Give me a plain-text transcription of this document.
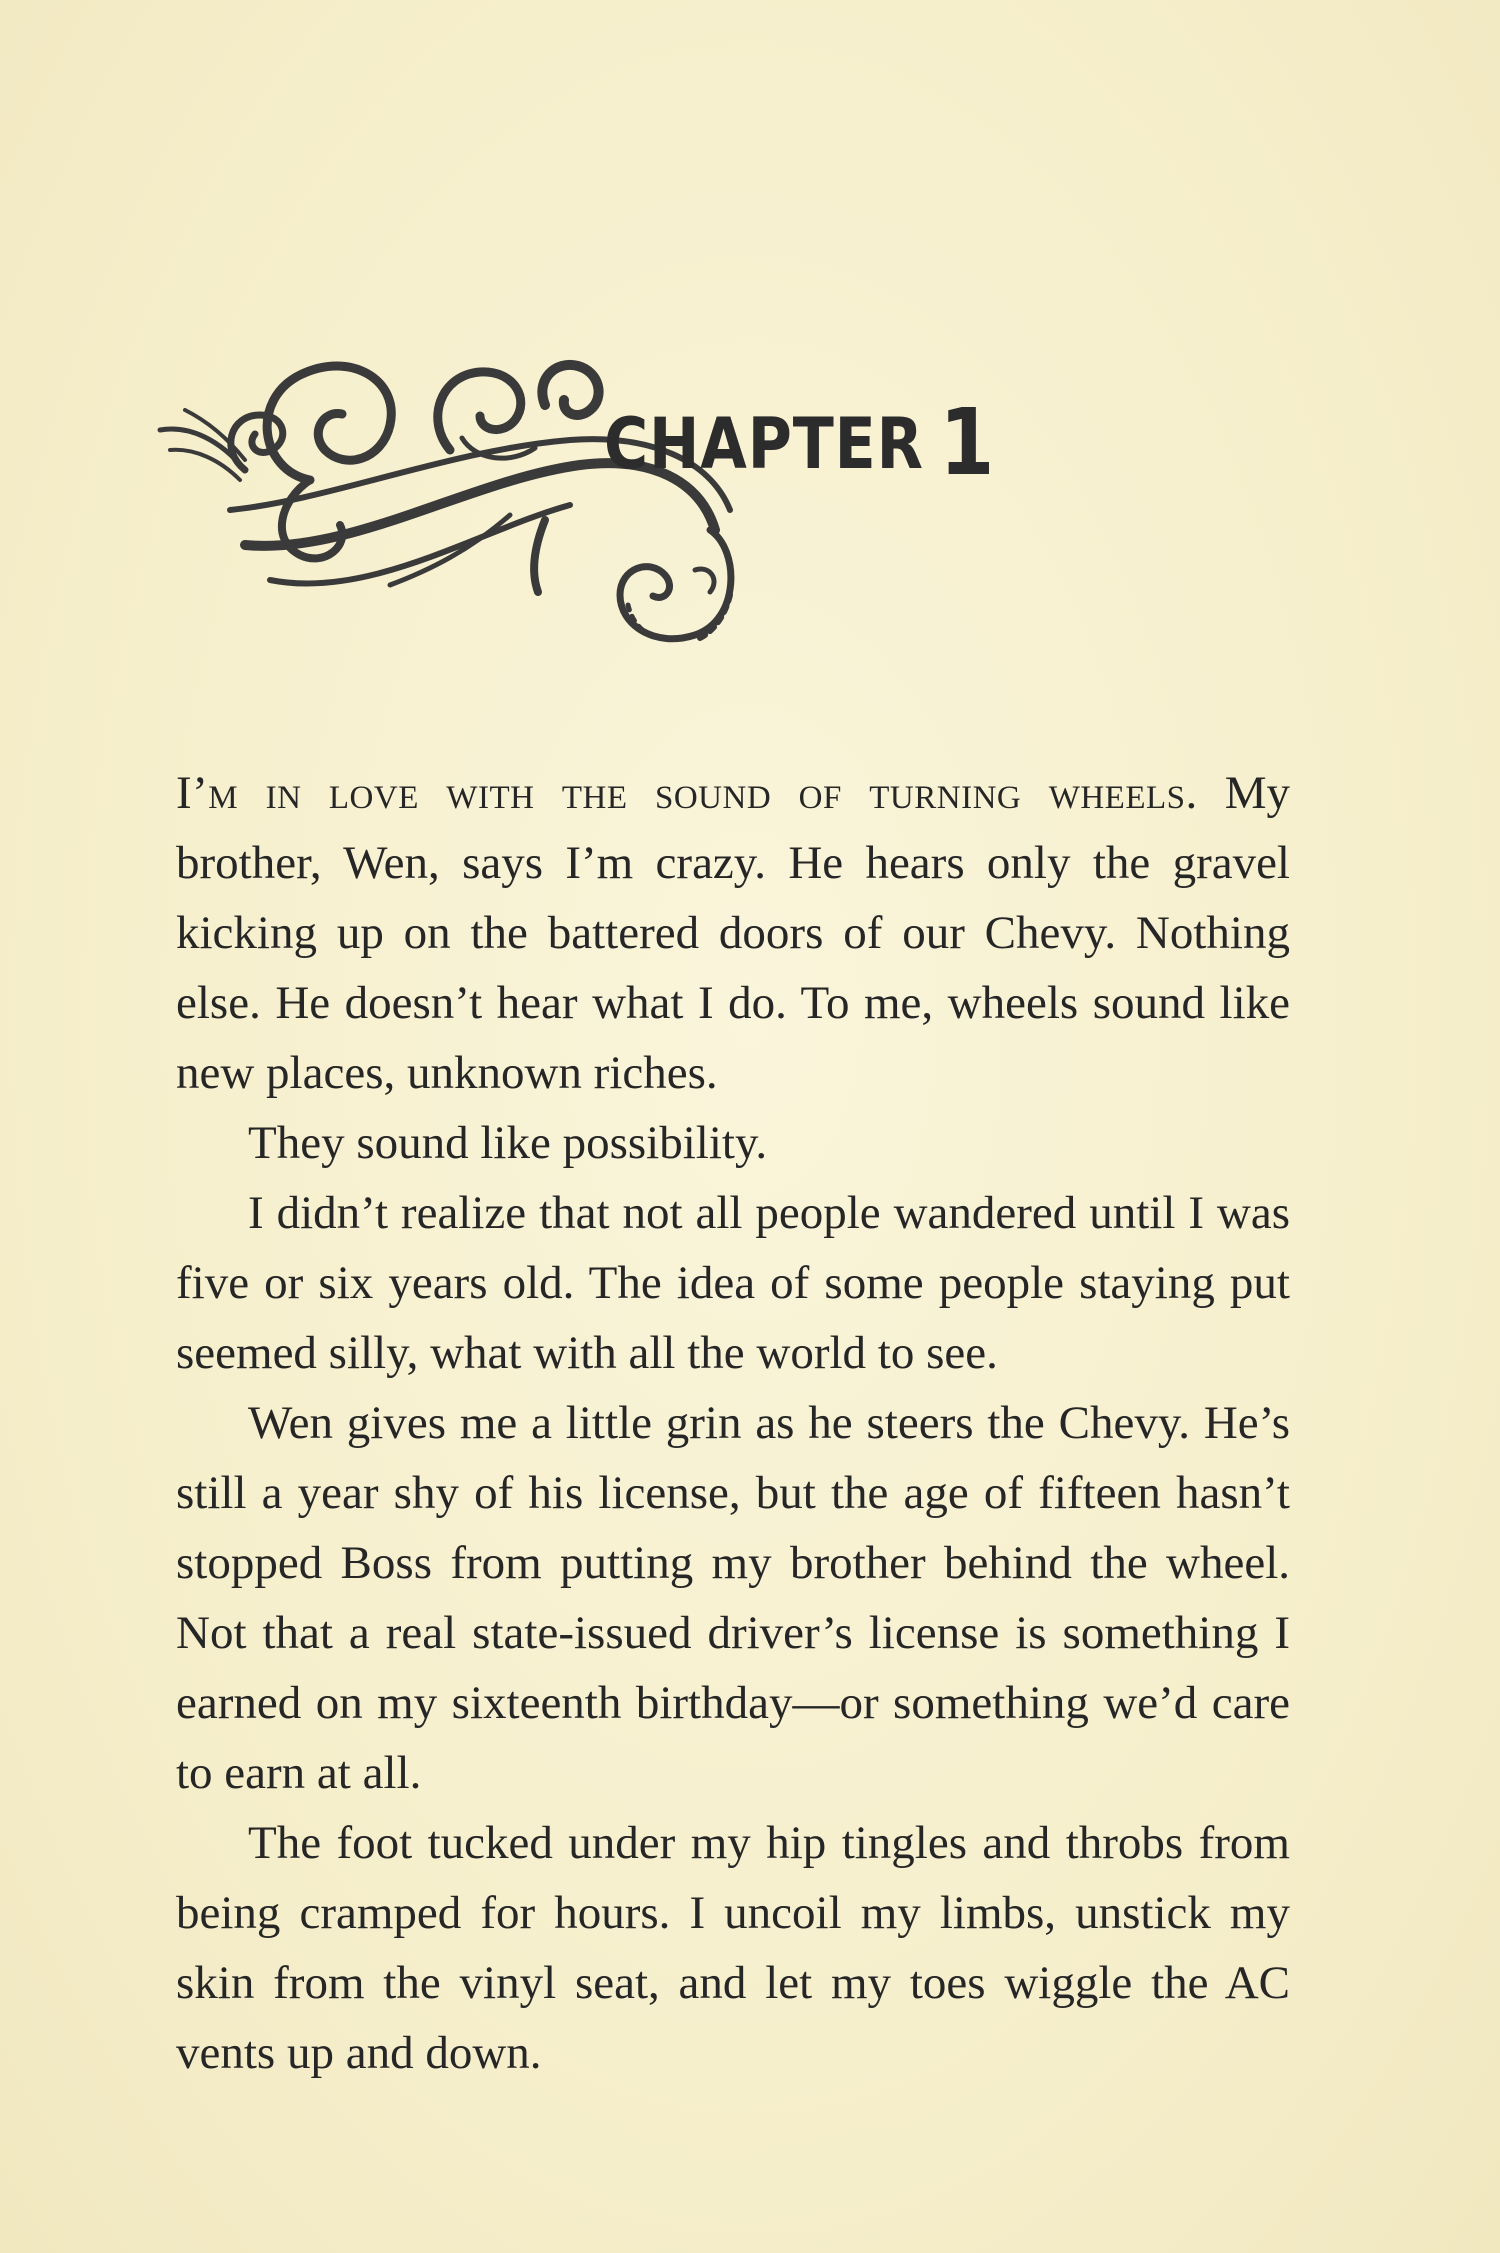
CHAPTER 1

I’m in love with the sound of turning wheels. My brother, Wen, says I’m crazy. He hears only the gravel kicking up on the battered doors of our Chevy. Nothing else. He doesn’t hear what I do. To me, wheels sound like new places, unknown riches.

They sound like possibility.

I didn’t realize that not all people wandered until I was five or six years old. The idea of some people staying put seemed silly, what with all the world to see.

Wen gives me a little grin as he steers the Chevy. He’s still a year shy of his license, but the age of fifteen hasn’t stopped Boss from putting my brother behind the wheel. Not that a real state-issued driver’s license is something I earned on my sixteenth birthday—or something we’d care to earn at all.

The foot tucked under my hip tingles and throbs from being cramped for hours. I uncoil my limbs, unstick my skin from the vinyl seat, and let my toes wiggle the AC vents up and down.
